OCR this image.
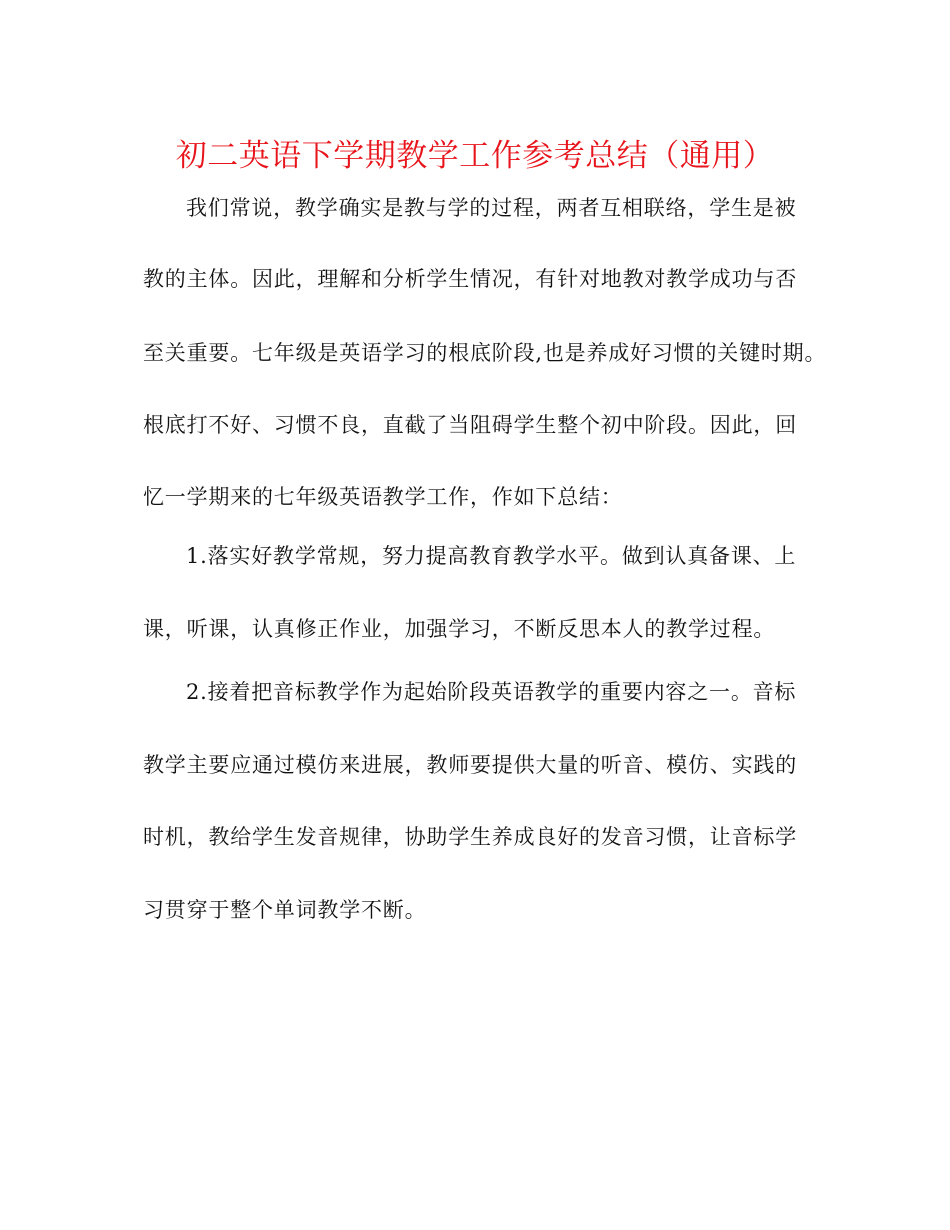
初二英语下学期教学工作参考总结（通用）
我们常说，教学确实是教与学的过程，两者互相联络，学生是被
教的主体。因此，理解和分析学生情况，有针对地教对教学成功与否
至关重要。七年级是英语学习的根底阶段,也是养成好习惯的关键时期。
根底打不好、习惯不良，直截了当阻碍学生整个初中阶段。因此，回
忆一学期来的七年级英语教学工作，作如下总结：
1.落实好教学常规，努力提高教育教学水平。做到认真备课、上
课，听课，认真修正作业，加强学习，不断反思本人的教学过程。
2.接着把音标教学作为起始阶段英语教学的重要内容之一。音标
教学主要应通过模仿来进展，教师要提供大量的听音、模仿、实践的
时机，教给学生发音规律，协助学生养成良好的发音习惯，让音标学
习贯穿于整个单词教学不断。
